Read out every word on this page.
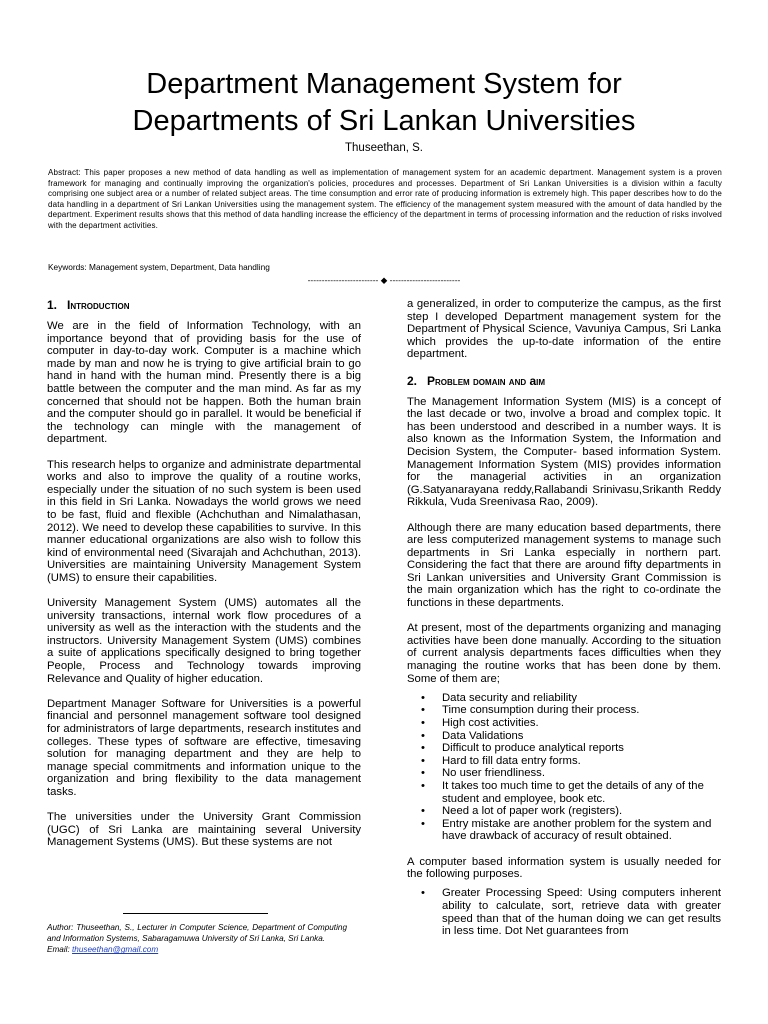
Department Management System for
Departments of Sri Lankan Universities
Thuseethan, S.
Abstract: This paper proposes a new method of data handling as well as implementation of management system for an academic department. Management system is a proven framework for managing and continually improving the organization's policies, procedures and processes. Department of Sri Lankan Universities is a division within a faculty comprising one subject area or a number of related subject areas. The time consumption and error rate of producing information is extremely high. This paper describes how to do the data handling in a department of Sri Lankan Universities using the management system. The efficiency of the management system measured with the amount of data handled by the department. Experiment results shows that this method of data handling increase the efficiency of the department in terms of processing information and the reduction of risks involved with the department activities.
Keywords: Management system, Department, Data handling
------------------------- ◆ -------------------------
1. Introduction

We are in the field of Information Technology, with an importance beyond that of providing basis for the use of computer in day-to-day work. Computer is a machine which made by man and now he is trying to give artificial brain to go hand in hand with the human mind. Presently there is a big battle between the computer and the man mind. As far as my concerned that should not be happen. Both the human brain and the computer should go in parallel. It would be beneficial if the technology can mingle with the management of department.

This research helps to organize and administrate departmental works and also to improve the quality of a routine works, especially under the situation of no such system is been used in this field in Sri Lanka. Nowadays the world grows we need to be fast, fluid and flexible (Achchuthan and Nimalathasan, 2012). We need to develop these capabilities to survive. In this manner educational organizations are also wish to follow this kind of environmental need (Sivarajah and Achchuthan, 2013). Universities are maintaining University Management System (UMS) to ensure their capabilities.

University Management System (UMS) automates all the university transactions, internal work flow procedures of a university as well as the interaction with the students and the instructors. University Management System (UMS) combines a suite of applications specifically designed to bring together People, Process and Technology towards improving Relevance and Quality of higher education.

Department Manager Software for Universities is a powerful financial and personnel management software tool designed for administrators of large departments, research institutes and colleges. These types of software are effective, timesaving solution for managing department and they are help to manage special commitments and information unique to the organization and bring flexibility to the data management tasks.

The universities under the University Grant Commission (UGC) of Sri Lanka are maintaining several University Management Systems (UMS). But these systems are not

a generalized, in order to computerize the campus, as the first step I developed Department management system for the Department of Physical Science, Vavuniya Campus, Sri Lanka which provides the up-to-date information of the entire department.

2. Problem domain and aim

The Management Information System (MIS) is a concept of the last decade or two, involve a broad and complex topic. It has been understood and described in a number ways. It is also known as the Information System, the Information and Decision System, the Computer- based information System. Management Information System (MIS) provides information for the managerial activities in an organization (G.Satyanarayana reddy,Rallabandi Srinivasu,Srikanth Reddy Rikkula, Vuda Sreenivasa Rao, 2009).

Although there are many education based departments, there are less computerized management systems to manage such departments in Sri Lanka especially in northern part. Considering the fact that there are around fifty departments in Sri Lankan universities and University Grant Commission is the main organization which has the right to co-ordinate the functions in these departments.

At present, most of the departments organizing and managing activities have been done manually. According to the situation of current analysis departments faces difficulties when they managing the routine works that has been done by them. Some of them are;

• Data security and reliability
• Time consumption during their process.
• High cost activities.
• Data Validations
• Difficult to produce analytical reports
• Hard to fill data entry forms.
• No user friendliness.
• It takes too much time to get the details of any of the student and employee, book etc.
• Need a lot of paper work (registers).
• Entry mistake are another problem for the system and have drawback of accuracy of result obtained.

A computer based information system is usually needed for the following purposes.

• Greater Processing Speed: Using computers inherent ability to calculate, sort, retrieve data with greater speed than that of the human doing we can get results in less time. Dot Net guarantees from
Author: Thuseethan, S., Lecturer in Computer Science, Department of Computing and Information Systems, Sabaragamuwa University of Sri Lanka, Sri Lanka.
Email: thuseethan@gmail.com
